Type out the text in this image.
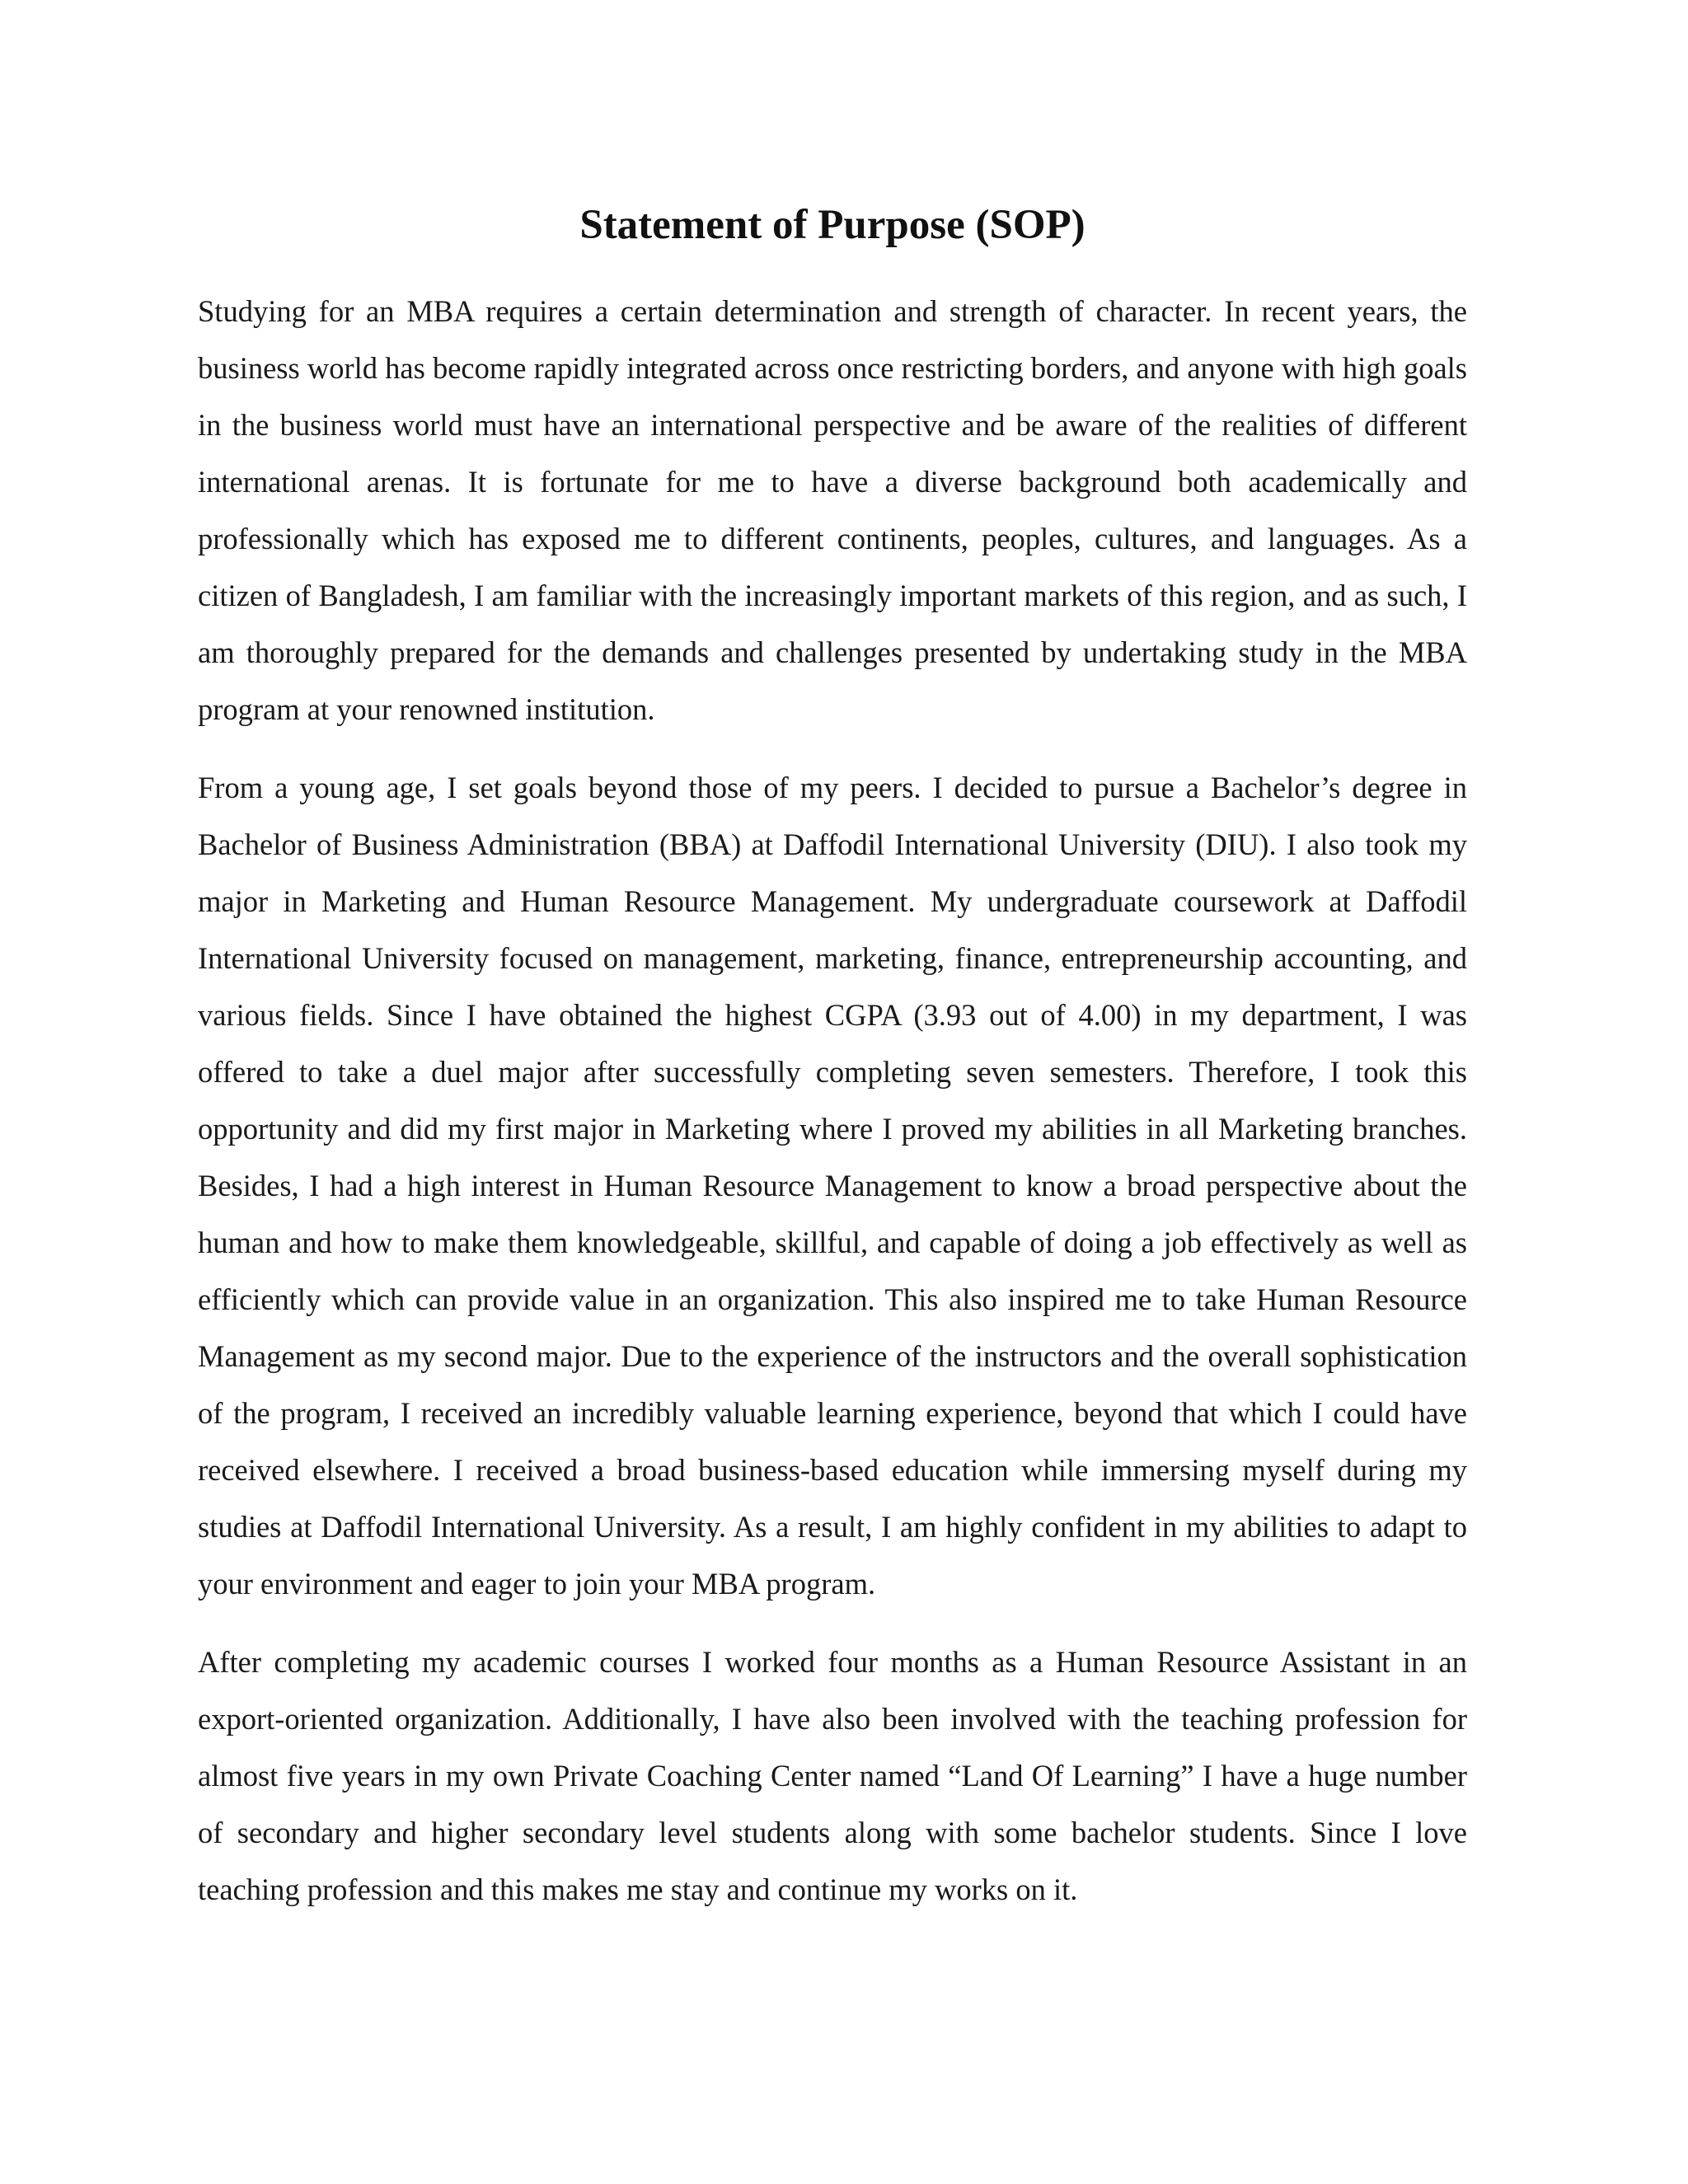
Statement of Purpose (SOP)

Studying for an MBA requires a certain determination and strength of character. In recent years, the business world has become rapidly integrated across once restricting borders, and anyone with high goals in the business world must have an international perspective and be aware of the realities of different international arenas. It is fortunate for me to have a diverse background both academically and professionally which has exposed me to different continents, peoples, cultures, and languages. As a citizen of Bangladesh, I am familiar with the increasingly important markets of this region, and as such, I am thoroughly prepared for the demands and challenges presented by undertaking study in the MBA program at your renowned institution.

From a young age, I set goals beyond those of my peers. I decided to pursue a Bachelor’s degree in Bachelor of Business Administration (BBA) at Daffodil International University (DIU). I also took my major in Marketing and Human Resource Management. My undergraduate coursework at Daffodil International University focused on management, marketing, finance, entrepreneurship accounting, and various fields. Since I have obtained the highest CGPA (3.93 out of 4.00) in my department, I was offered to take a duel major after successfully completing seven semesters. Therefore, I took this opportunity and did my first major in Marketing where I proved my abilities in all Marketing branches. Besides, I had a high interest in Human Resource Management to know a broad perspective about the human and how to make them knowledgeable, skillful, and capable of doing a job effectively as well as efficiently which can provide value in an organization. This also inspired me to take Human Resource Management as my second major. Due to the experience of the instructors and the overall sophistication of the program, I received an incredibly valuable learning experience, beyond that which I could have received elsewhere. I received a broad business-based education while immersing myself during my studies at Daffodil International University. As a result, I am highly confident in my abilities to adapt to your environment and eager to join your MBA program.

After completing my academic courses I worked four months as a Human Resource Assistant in an export-oriented organization. Additionally, I have also been involved with the teaching profession for almost five years in my own Private Coaching Center named “Land Of Learning” I have a huge number of secondary and higher secondary level students along with some bachelor students. Since I love teaching profession and this makes me stay and continue my works on it.
